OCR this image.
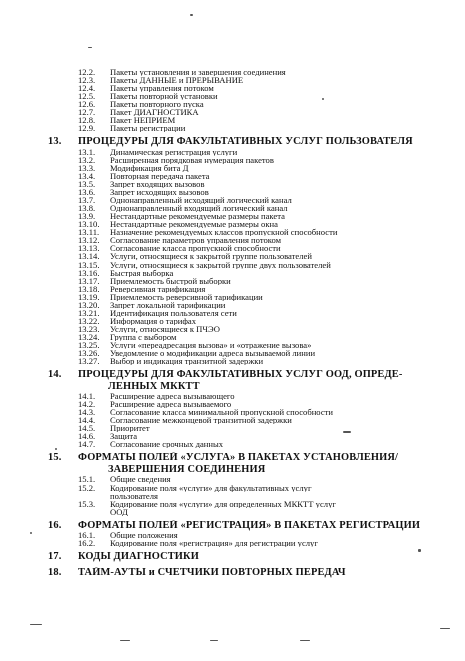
12.2.	Пакеты установления и завершения соединения
12.3.	Пакеты ДАННЫЕ и ПРЕРЫВАНИЕ
12.4.	Пакеты управления потоком
12.5.	Пакеты повторной установки
12.6.	Пакеты повторного пуска
12.7.	Пакет ДИАГНОСТИКА
12.8.	Пакет НЕПРИЕМ
12.9.	Пакеты регистрации
13.	ПРОЦЕДУРЫ ДЛЯ ФАКУЛЬТАТИВНЫХ УСЛУГ ПОЛЬЗОВАТЕЛЯ
13.1.	Динамическая регистрация услуги
13.2.	Расширенная порядковая нумерация пакетов
13.3.	Модификация бита Д
13.4.	Повторная передача пакета
13.5.	Запрет входящих вызовов
13.6.	Запрет исходящих вызовов
13.7.	Однонаправленный исходящий логический канал
13.8.	Однонаправленный входящий логический канал
13.9.	Нестандартные рекомендуемые размеры пакета
13.10.	Нестандартные рекомендуемые размеры окна
13.11.	Назначение рекомендуемых классов пропускной способности
13.12.	Согласование параметров управления потоком
13.13.	Согласование класса пропускной способности
13.14.	Услуги, относящиеся к закрытой группе пользователей
13.15.	Услуги, относящиеся к закрытой группе двух пользователей
13.16.	Быстрая выборка
13.17.	Приемлемость быстрой выборки
13.18.	Реверсивная тарификация
13.19.	Приемлемость реверсивной тарификации
13.20.	Запрет локальной тарификации
13.21.	Идентификация пользователя сети
13.22.	Информация о тарифах
13.23.	Услуги, относящиеся к ПЧЭО
13.24.	Группа с выбором
13.25.	Услуги «переадресация вызова» и «отражение вызова»
13.26.	Уведомление о модификации адреса вызываемой линии
13.27.	Выбор и индикация транзитной задержки
14.	ПРОЦЕДУРЫ ДЛЯ ФАКУЛЬТАТИВНЫХ УСЛУГ ООД, ОПРЕДЕ-
ЛЕННЫХ МККТТ
14.1.	Расширение адреса вызывающего
14.2.	Расширение адреса вызываемого
14.3.	Согласование класса минимальной пропускной способности
14.4.	Согласование межконцевой транзитной задержки
14.5.	Приоритет
14.6.	Защита
14.7.	Согласование срочных данных
15.	ФОРМАТЫ ПОЛЕЙ «УСЛУГА» В ПАКЕТАХ УСТАНОВЛЕНИЯ/
ЗАВЕРШЕНИЯ СОЕДИНЕНИЯ
15.1.	Общие сведения
15.2.	Кодирование поля «услуги» для факультативных услуг
пользователя
15.3.	Кодирование поля «услуги» для определенных МККТТ услуг
ООД
16.	ФОРМАТЫ ПОЛЕЙ «РЕГИСТРАЦИЯ» В ПАКЕТАХ РЕГИСТРАЦИИ
16.1.	Общие положения
16.2.	Кодирование поля «регистрация» для регистрации услуг
17.	КОДЫ ДИАГНОСТИКИ
18.	ТАЙМ-АУТЫ и СЧЕТЧИКИ ПОВТОРНЫХ ПЕРЕДАЧ
